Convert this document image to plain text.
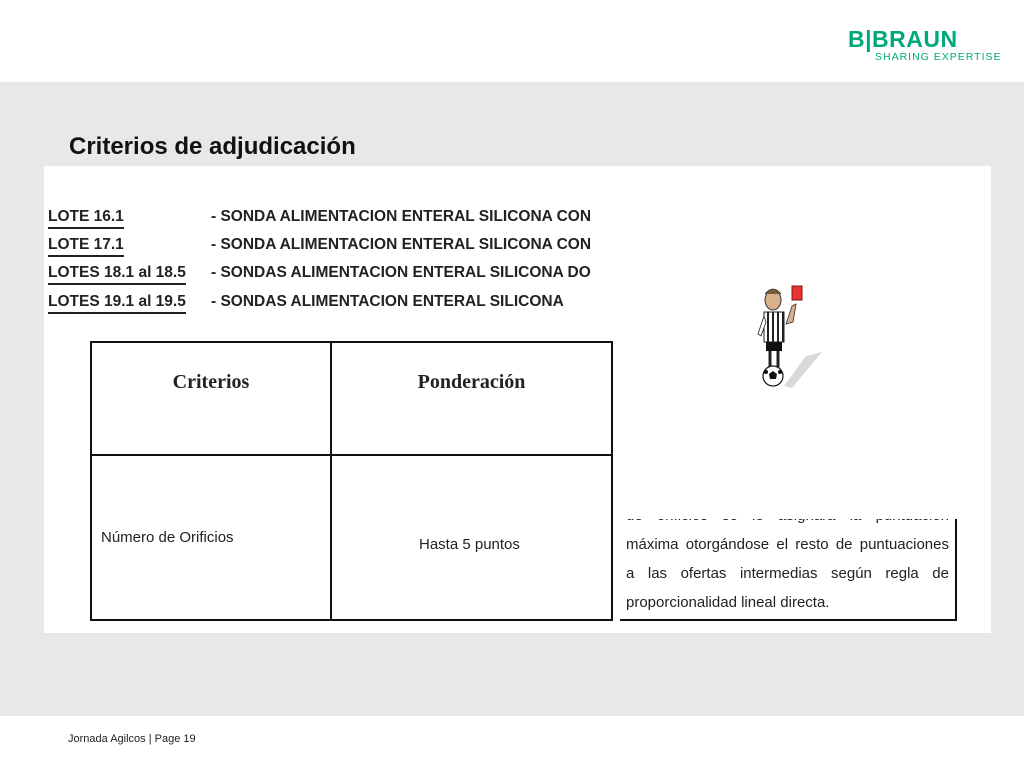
B|BRAUN
SHARING EXPERTISE
Criterios de adjudicación
LOTE 16.1	- SONDA ALIMENTACION ENTERAL SILICONA CON
LOTE 17.1	- SONDA ALIMENTACION ENTERAL SILICONA CON
LOTES 18.1 al 18.5 - SONDAS ALIMENTACION ENTERAL SILICONA DO
LOTES 19.1 al 19.5 - SONDAS ALIMENTACION ENTERAL SILICONA
Criterios	Ponderación
Número de Orificios	Hasta 5 puntos	máxima otorgándose el resto de puntuaciones
a las ofertas intermedias según regla de
proporcionalidad lineal directa.
Jornada Agilcos | Page 19
